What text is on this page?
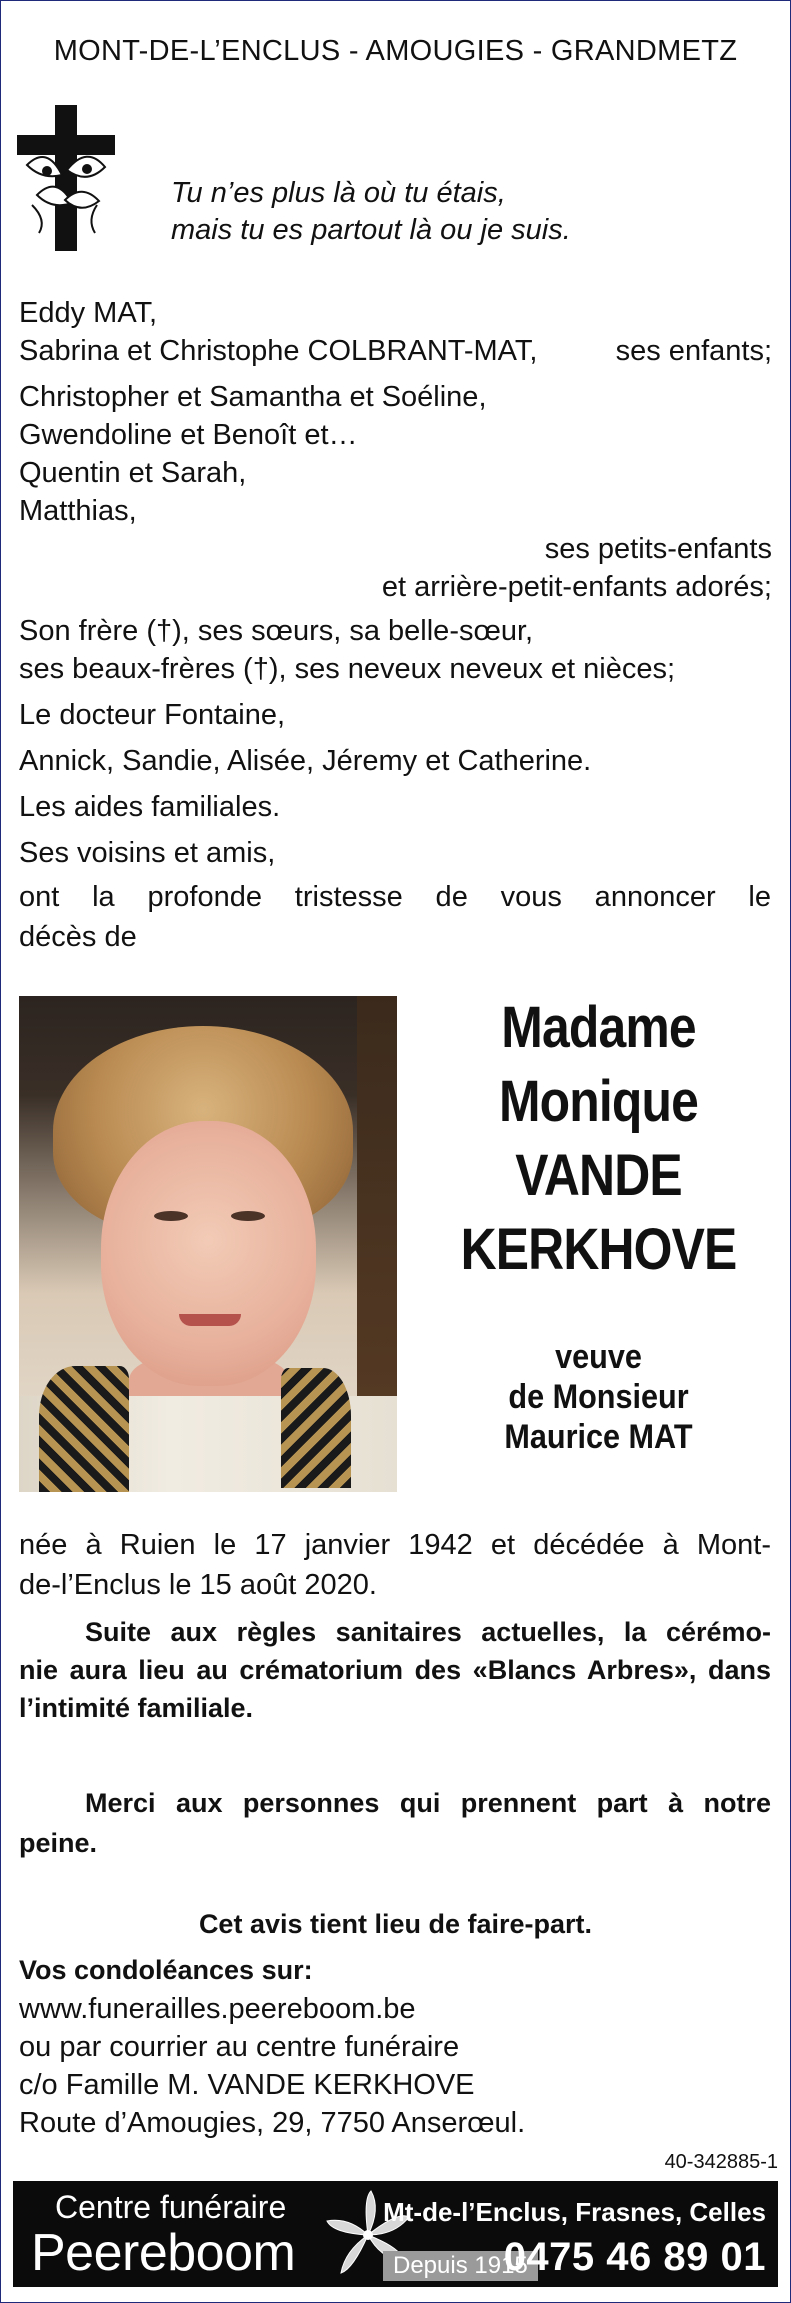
MONT-DE-L’ENCLUS - AMOUGIES - GRANDMETZ
Tu n’es plus là où tu étais,
mais tu es partout là ou je suis.
Eddy MAT,
Sabrina et Christophe COLBRANT-MAT,	ses enfants;
Christopher et Samantha et Soéline,
Gwendoline et Benoît et…
Quentin et Sarah,
Matthias,
ses petits-enfants
et arrière-petit-enfants adorés;
Son frère (†), ses sœurs, sa belle-sœur,
ses beaux-frères (†), ses neveux neveux et nièces;
Le docteur Fontaine,
Annick, Sandie, Alisée, Jéremy et Catherine.
Les aides familiales.
Ses voisins et amis,
ont la profonde tristesse de vous annoncer le
décès de
Madame
Monique
VANDE
KERKHOVE
veuve
de Monsieur
Maurice MAT
née à Ruien le 17 janvier 1942 et décédée à Mont-
de-l’Enclus le 15 août 2020.
Suite aux règles sanitaires actuelles, la cérémo-
nie aura lieu au crématorium des «Blancs Arbres», dans
l’intimité familiale.
Merci aux personnes qui prennent part à notre
peine.
Cet avis tient lieu de faire-part.
Vos condoléances sur:
www.funerailles.peereboom.be
ou par courrier au centre funéraire
c/o Famille M. VANDE KERKHOVE
Route d’Amougies, 29, 7750 Anserœul.
40-342885-1
Centre funéraire
Peereboom	Depuis 1915
Mt-de-l’Enclus, Frasnes, Celles
0475 46 89 01
